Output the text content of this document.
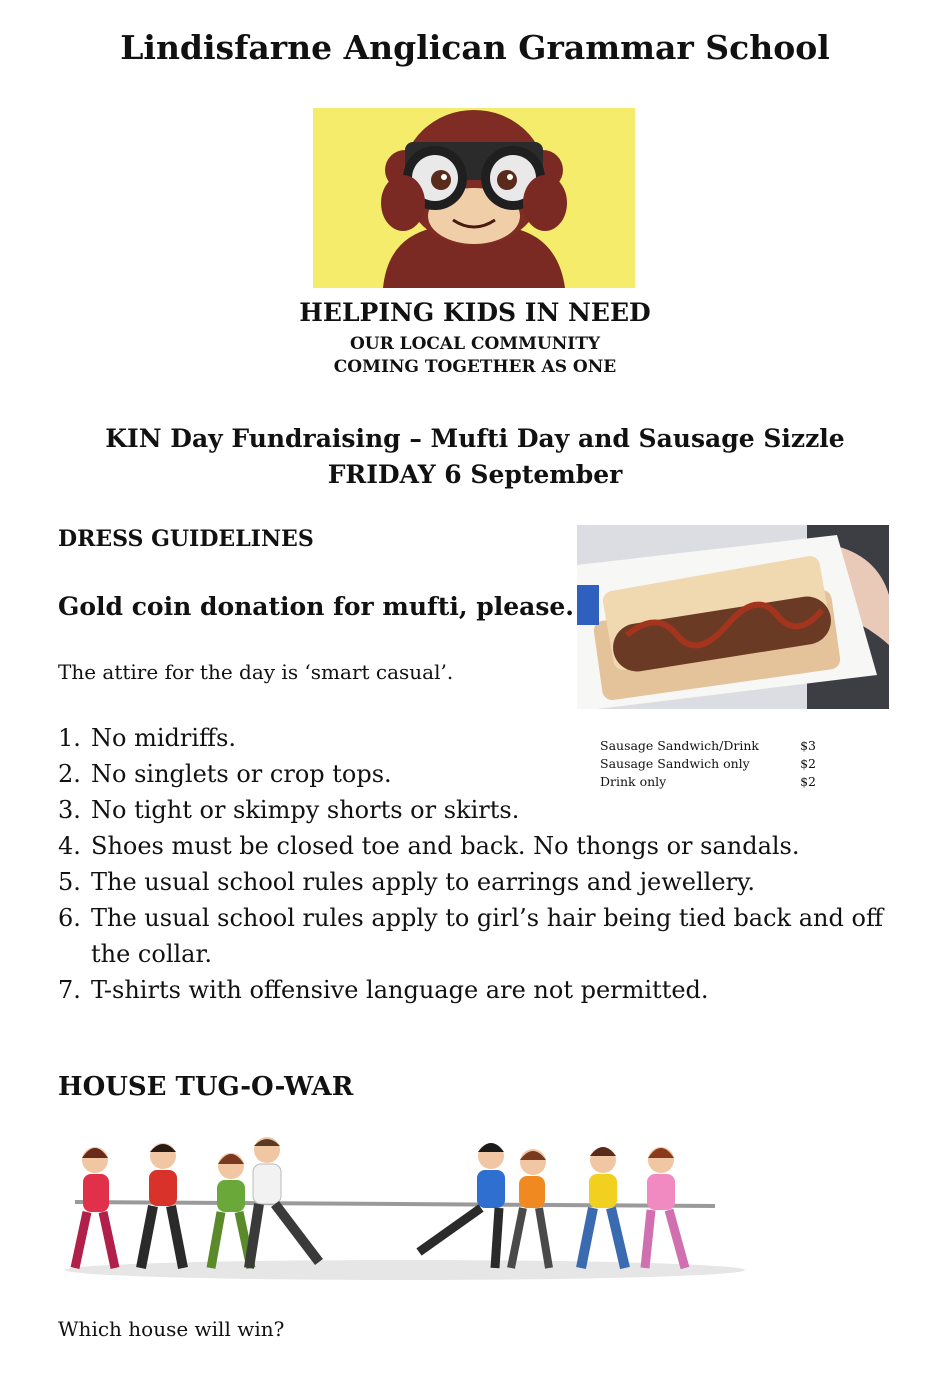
Lindisfarne Anglican Grammar School
HELPING KIDS IN NEED
OUR LOCAL COMMUNITY
COMING TOGETHER AS ONE
KIN Day Fundraising – Mufti Day and Sausage Sizzle
FRIDAY 6 September
DRESS GUIDELINES
Gold coin donation for mufti, please.
The attire for the day is ‘smart casual’.
Sausage Sandwich/Drink	$3
Sausage Sandwich only	$2
Drink only	$2
1. No midriffs.
2. No singlets or crop tops.
3. No tight or skimpy shorts or skirts.
4. Shoes must be closed toe and back. No thongs or sandals.
5. The usual school rules apply to earrings and jewellery.
6. The usual school rules apply to girl’s hair being tied back and off the collar.
7. T-shirts with offensive language are not permitted.
HOUSE TUG-O-WAR
Which house will win?
